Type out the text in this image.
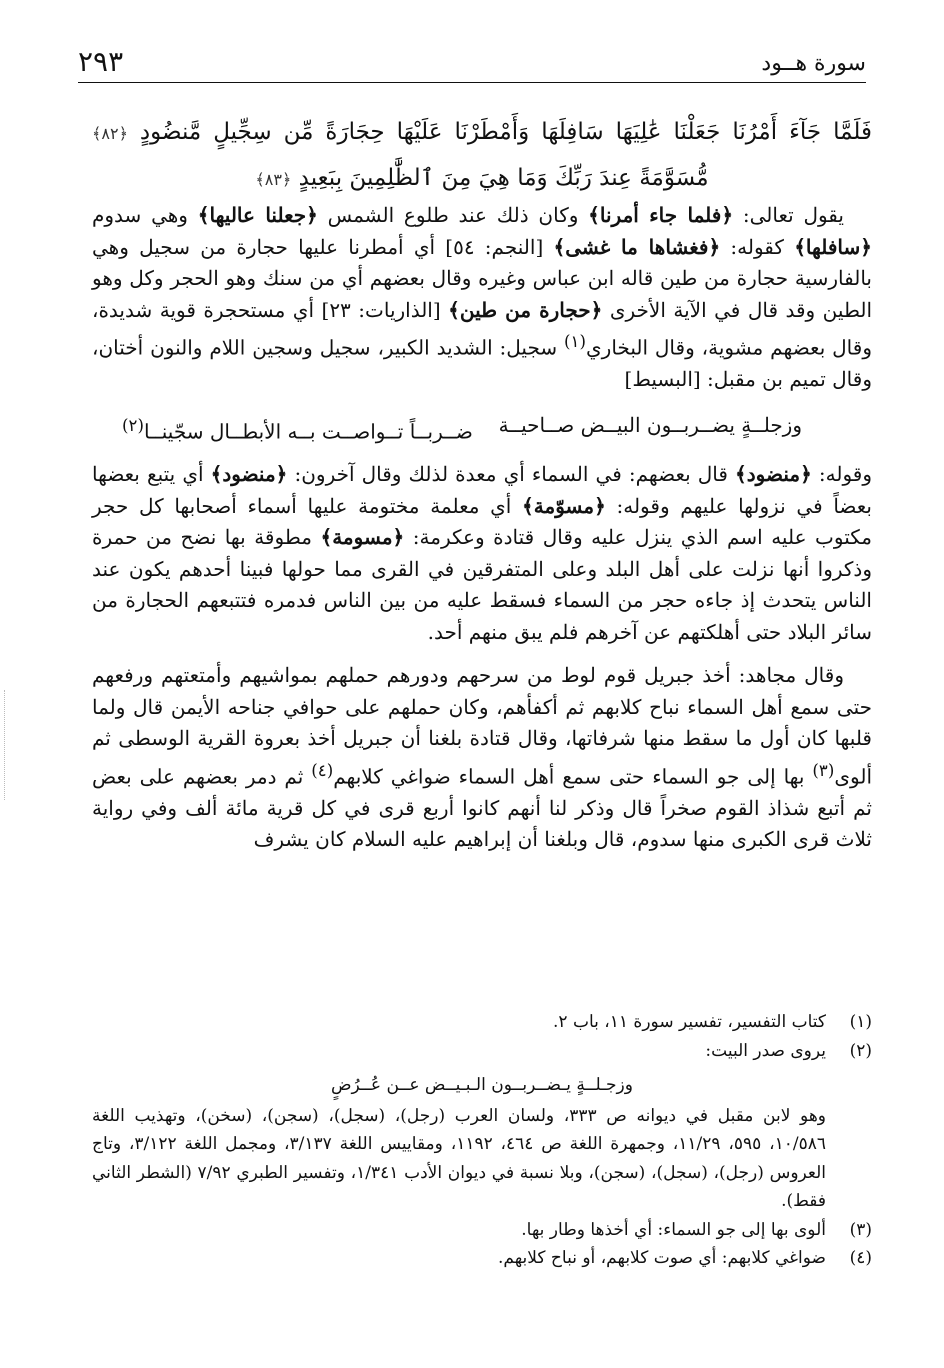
٢٩٣	سورة هــود
فَلَمَّا جَآءَ أَمْرُنَا جَعَلْنَا عَٰلِيَهَا سَافِلَهَا وَأَمْطَرْنَا عَلَيْهَا حِجَارَةً مِّن سِجِّيلٍ مَّنضُودٍ ﴿٨٢﴾ مُّسَوَّمَةً عِندَ رَبِّكَ وَمَا هِيَ مِنَ ٱلظَّٰلِمِينَ بِبَعِيدٍ ﴿٨٣﴾

يقول تعالى: ﴿فلما جاء أمرنا﴾ وكان ذلك عند طلوع الشمس ﴿جعلنا عاليها﴾ وهي سدوم ﴿سافلها﴾ كقوله: ﴿فغشاها ما غشى﴾ [النجم: ٥٤] أي أمطرنا عليها حجارة من سجيل وهي بالفارسية حجارة من طين قاله ابن عباس وغيره وقال بعضهم أي من سنك وهو الحجر وكل وهو الطين وقد قال في الآية الأخرى ﴿حجارة من طين﴾ [الذاريات: ٢٣] أي مستحجرة قوية شديدة، وقال بعضهم مشوية، وقال البخاري$^{(١)}$ سجيل: الشديد الكبير، سجيل وسجين اللام والنون أختان، وقال تميم بن مقبل: [البسيط]

وزجلــةٍ يضــربــون البيــض صــاحيــة
ضــربــاً تــواصــت بــه الأبطــال سجّينــا$^{(٢)}$

وقوله: ﴿منضود﴾ قال بعضهم: في السماء أي معدة لذلك وقال آخرون: ﴿منضود﴾ أي يتبع بعضها بعضاً في نزولها عليهم وقوله: ﴿مسوّمة﴾ أي معلمة مختومة عليها أسماء أصحابها كل حجر مكتوب عليه اسم الذي ينزل عليه وقال قتادة وعكرمة: ﴿مسومة﴾ مطوقة بها نضح من حمرة وذكروا أنها نزلت على أهل البلد وعلى المتفرقين في القرى مما حولها فبينا أحدهم يكون عند الناس يتحدث إذ جاءه حجر من السماء فسقط عليه من بين الناس فدمره فتتبعهم الحجارة من سائر البلاد حتى أهلكتهم عن آخرهم فلم يبق منهم أحد.

وقال مجاهد: أخذ جبريل قوم لوط من سرحهم ودورهم حملهم بمواشيهم وأمتعتهم ورفعهم حتى سمع أهل السماء نباح كلابهم ثم أكفأهم، وكان حملهم على حوافي جناحه الأيمن قال ولما قلبها كان أول ما سقط منها شرفاتها، وقال قتادة بلغنا أن جبريل أخذ بعروة القرية الوسطى ثم ألوى$^{(٣)}$ بها إلى جو السماء حتى سمع أهل السماء ضواغي كلابهم$^{(٤)}$ ثم دمر بعضهم على بعض ثم أتبع شذاذ القوم صخراً قال وذكر لنا أنهم كانوا أربع قرى في كل قرية مائة ألف وفي رواية ثلاث قرى الكبرى منها سدوم، قال وبلغنا أن إبراهيم عليه السلام كان يشرف

(١)
كتاب التفسير، تفسير سورة ١١، باب ٢.
(٢)
يروى صدر البيت:
وزجـلــةٍ يـضــربــون الـبـيــض عــن عُــرُضٍ
وهو لابن مقبل في ديوانه ص ٣٣٣، ولسان العرب (رجل)، (سجل)، (سجن)، (سخن)، وتهذيب اللغة ١٠/٥٨٦، ٥٩٥، ١١/٢٩، وجمهرة اللغة ص ٤٦٤، ١١٩٢، ومقاييس اللغة ٣/١٣٧، ومجمل اللغة ٣/١٢٢، وتاج العروس (رجل)، (سجل)، (سجن)، وبلا نسبة في ديوان الأدب ١/٣٤١، وتفسير الطبري ٧/٩٢ (الشطر الثاني فقط).
(٣)
ألوى بها إلى جو السماء: أي أخذها وطار بها.
(٤)
ضواغي كلابهم: أي صوت كلابهم، أو نباح كلابهم.
